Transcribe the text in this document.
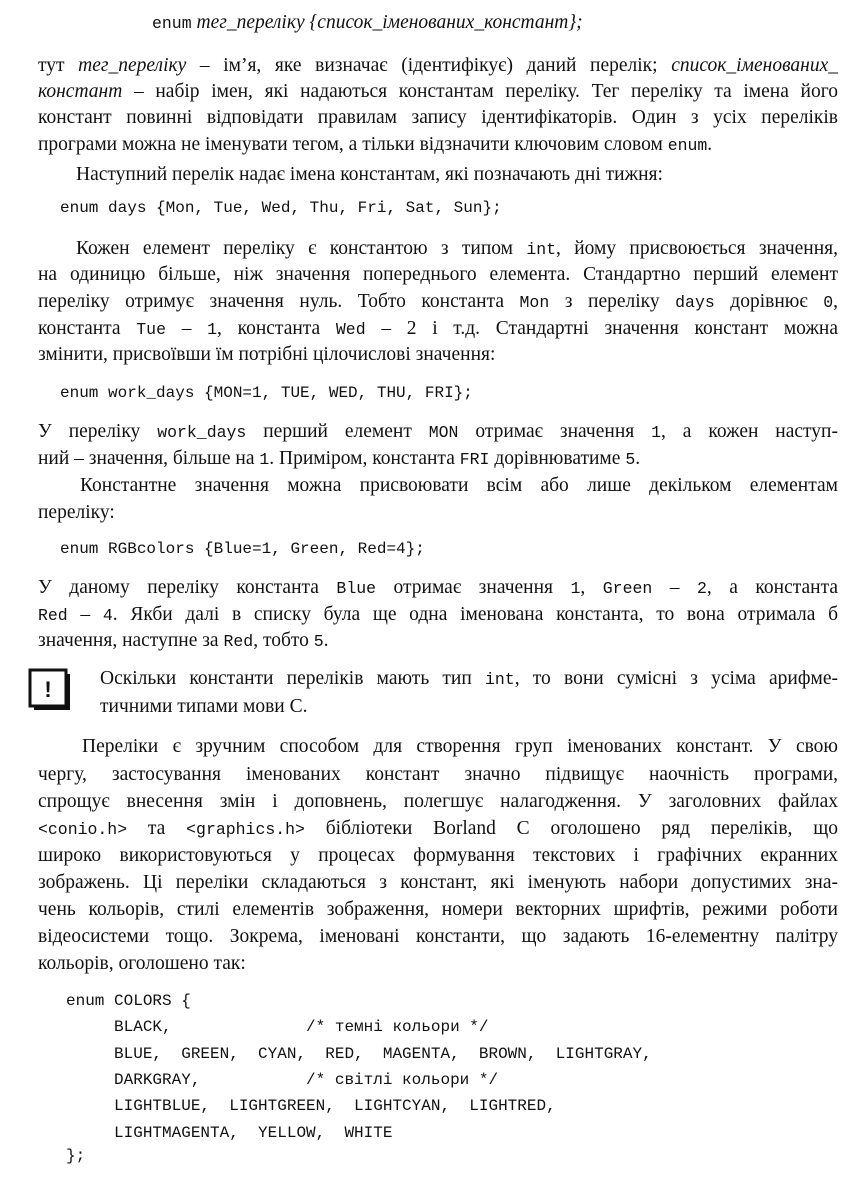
enum тег_переліку {список_іменованих_констант};
тут тег_переліку – ім’я, яке визначає (ідентифікує) даний перелік; список_іменованих_
констант – набір імен, які надаються константам переліку. Тег переліку та імена його
констант повинні відповідати правилам запису ідентифікаторів. Один з усіх переліків
програми можна не іменувати тегом, а тільки відзначити ключовим словом enum.
Наступний перелік надає імена константам, які позначають дні тижня:
enum days {Mon, Tue, Wed, Thu, Fri, Sat, Sun};
Кожен елемент переліку є константою з типом int, йому присвоюється значення,
на одиницю більше, ніж значення попереднього елемента. Стандартно перший елемент
переліку отримує значення нуль. Тобто константа Mon з переліку days дорівнює 0,
константа Tue – 1, константа Wed – 2 і т.д. Стандартні значення констант можна
змінити, присвоївши їм потрібні цілочислові значення:
enum work_days {MON=1, TUE, WED, THU, FRI};
У переліку work_days перший елемент MON отримає значення 1, а кожен наступ-
ний – значення, більше на 1. Приміром, константа FRI дорівнюватиме 5.
Константне значення можна присвоювати всім або лише декільком елементам
переліку:
enum RGBcolors {Blue=1, Green, Red=4};
У даному переліку константа Blue отримає значення 1, Green – 2, а константа
Red – 4. Якби далі в списку була ще одна іменована константа, то вона отримала б
значення, наступне за Red, тобто 5.
! Оскільки константи переліків мають тип int, то вони сумісні з усіма арифме-
тичними типами мови С.
Переліки є зручним способом для створення груп іменованих констант. У свою
чергу, застосування іменованих констант значно підвищує наочність програми,
спрощує внесення змін і доповнень, полегшує налагодження. У заголовних файлах
<conio.h> та <graphics.h> бібліотеки Borland C оголошено ряд переліків, що
широко використовуються у процесах формування текстових і графічних екранних
зображень. Ці переліки складаються з констант, які іменують набори допустимих зна-
чень кольорів, стилі елементів зображення, номери векторних шрифтів, режими роботи
відеосистеми тощо. Зокрема, іменовані константи, що задають 16-елементну палітру
кольорів, оголошено так:
enum COLORS {
BLACK,              /* темні кольори */
BLUE,  GREEN,  CYAN,  RED,  MAGENTA,  BROWN,  LIGHTGRAY,
DARKGRAY,           /* світлі кольори */
LIGHTBLUE,  LIGHTGREEN,  LIGHTCYAN,  LIGHTRED,
LIGHTMAGENTA,  YELLOW,  WHITE
};
